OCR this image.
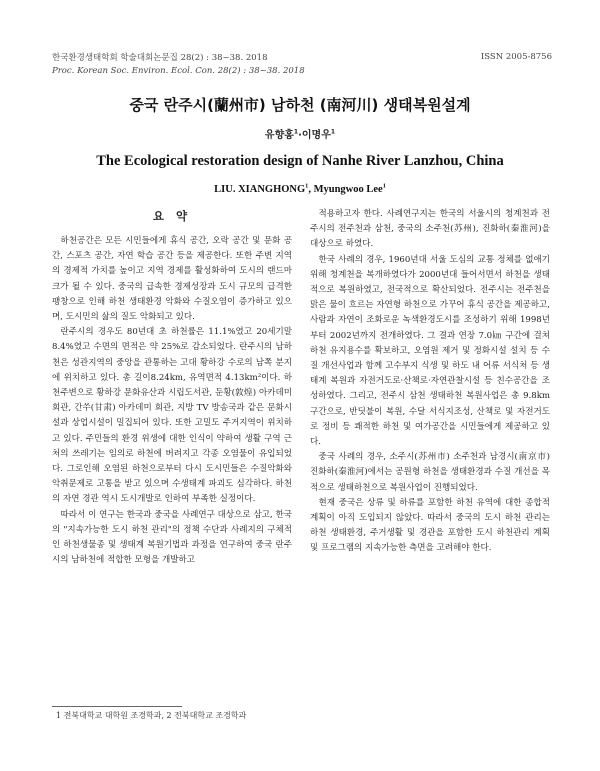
한국환경생태학회 학술대회논문집 28(2) : 38~38. 2018
Proc. Korean Soc. Environ. Ecol. Con. 28(2) : 38~38. 2018
ISSN 2005-8756
중국 란주시(蘭州市) 남하천 (南河川) 생태복원설계
유향홍$^1$·이명우$^1$
The Ecological restoration design of Nanhe River Lanzhou, China
LIU. XIANGHONG$^1$, Myungwoo Lee$^1$
요 약

하천공간은 모든 시민들에게 휴식 공간, 오락 공간 및 문화 공간, 스포츠 공간, 자연 학습 공간 등을 제공한다. 또한 주변 지역의 경제적 가치를 높이고 지역 경제를 활성화하여 도시의 랜드마크가 될 수 있다. 중국의 급속한 경제성장과 도시 규모의 급격한 팽창으로 인해 하천 생태환경 악화와 수질오염이 증가하고 있으며, 도시민의 삶의 질도 악화되고 있다.

란주시의 경우도 80년대 초 하천률은 11.1%였고 20세기말 8.4%였고 수면의 면적은 약 25%로 감소되었다. 란주시의 남하천은 성관지역의 중앙을 관통하는 고대 황하강 수로의 남쪽 분지에 위치하고 있다. 총 길이8.24km, 유역면적 4.13km²이다. 하천주변으로 황하강 문화유산과 시립도서관, 둔황(敦煌) 아카데미 회관, 간쑤(甘肃) 아카데미 회관, 지방 TV 방송국과 같은 문화시설과 상업시설이 밀집되어 있다. 또한 고밀도 주거지역이 위치하고 있다. 주민들의 환경 위생에 대한 인식이 약하여 생활 구역 근처의 쓰레기는 임의로 하천에 버려지고 각종 오염물이 유입되었다. 그로인해 오염된 하천으로부터 다시 도시민들은 수질악화와 악취문제로 고통을 받고 있으며 수생태계 파괴도 심각하다. 하천의 자연 경관 역시 도시개발로 인하여 부족한 실정이다.

따라서 이 연구는 한국과 중국을 사례연구 대상으로 삼고, 한국의 "지속가능한 도시 하천 관리"의 정책 수단과 사례지의 구체적인 하천생물종 및 생태계 복원기법과 과정을 연구하여 중국 란주시의 남하천에 적합한 모형을 개발하고

적용하고자 한다. 사례연구지는 한국의 서울시의 청계천과 전주시의 전주천과 삼천, 중국의 소주천(苏州), 진화하(秦淮河)을 대상으로 하였다.

한국 사례의 경우, 1960년대 서울 도심의 교통 정체를 없애기 위해 청계천을 복개하였다가 2000년대 들어서면서 하천을 생태적으로 복원하였고, 전국적으로 확산되었다. 전주시는 전주천을 맑은 물이 흐르는 자연형 하천으로 가꾸어 휴식 공간을 제공하고, 사람과 자연이 조화로운 녹색환경도시를 조성하기 위해 1998년부터 2002년까지 전개하였다. 그 결과 연장 7.0㎞ 구간에 걸쳐 하천 유지용수를 확보하고, 오염원 제거 및 정화시설 설치 등 수질 개선사업과 함께 고수부지 식생 및 하도 내 어류 서식처 등 생태계 복원과 자전거도로·산책로·자연관찰시설 등 친수공간을 조성하였다. 그리고, 전주시 삼천 생태하천 복원사업은 총 9.8km구간으로, 반딧불이 복원, 수달 서식지조성, 산책로 및 자전거도로 정비 등 쾌적한 하천 및 여가공간을 시민들에게 제공하고 있다.

중국 사례의 경우, 소주시(苏州市) 소주천과 남경시(南京市) 진화하(秦淮河)에서는 공원형 하천을 생태환경과 수질 개선을 목적으로 생태하천으로 복원사업이 진행되었다.

현재 중국은 상류 및 하류를 포함한 하천 유역에 대한 종합적 계획이 아직 도입되지 않았다. 따라서 중국의 도시 하천 관리는 하천 생태환경, 주거생활 및 경관을 포함한 도시 하천관리 계획 및 프로그램의 지속가능한 측면을 고려해야 한다.

1 전북대학교 대학원 조경학과, 2 전북대학교 조경학과
